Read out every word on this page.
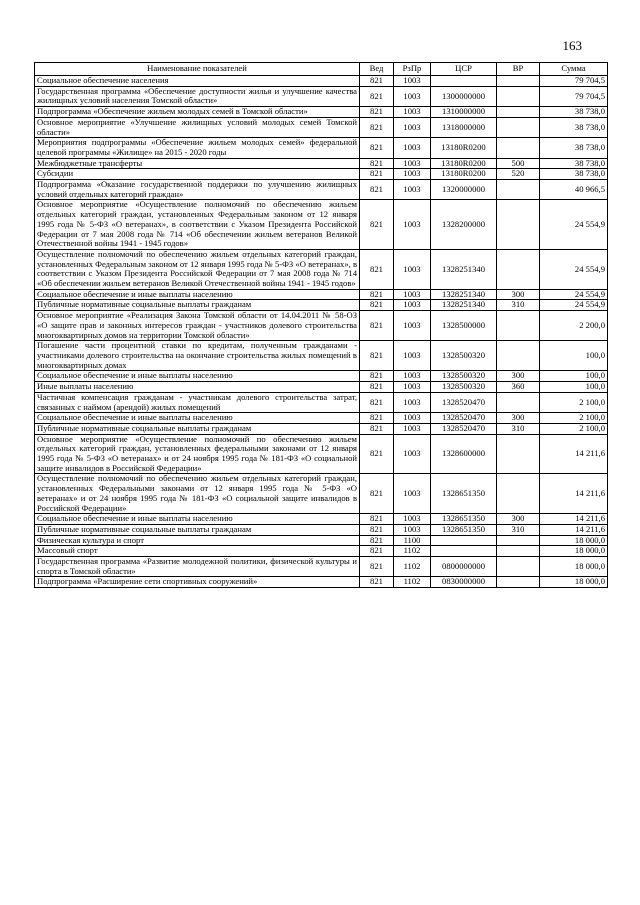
163
Наименование показателей	Вед	РзПр	ЦСР	ВР	Сумма
Социальное обеспечение населения	821	1003			79 704,5
Государственная программа «Обеспечение доступности жилья и улучшение качества жилищных условий населения Томской области»	821	1003	1300000000		79 704,5
Подпрограмма «Обеспечение жильем молодых семей в Томской области»	821	1003	1310000000		38 738,0
Основное мероприятие «Улучшение жилищных условий молодых семей Томской области»	821	1003	1318000000		38 738,0
Мероприятия подпрограммы «Обеспечение жильем молодых семей» федеральной целевой программы «Жилище» на 2015 - 2020 годы	821	1003	13180R0200		38 738,0
Межбюджетные трансферты	821	1003	13180R0200	500	38 738,0
Субсидии	821	1003	13180R0200	520	38 738,0
Подпрограмма «Оказание государственной поддержки по улучшению жилищных условий отдельных категорий граждан»	821	1003	1320000000		40 966,5
Основное мероприятие «Осуществление полномочий по обеспечению жильем отдельных категорий граждан, установленных Федеральным законом от 12 января 1995 года № 5-ФЗ «О ветеранах», в соответствии с Указом Президента Российской Федерации от 7 мая 2008 года № 714 «Об обеспечении жильем ветеранов Великой Отечественной войны 1941 - 1945 годов»	821	1003	1328200000		24 554,9
Осуществление полномочий по обеспечению жильем отдельных категорий граждан, установленных Федеральным законом от 12 января 1995 года № 5-ФЗ «О ветеранах», в соответствии с Указом Президента Российской Федерации от 7 мая 2008 года № 714 «Об обеспечении жильем ветеранов Великой Отечественной войны 1941 - 1945 годов»	821	1003	1328251340		24 554,9
Социальное обеспечение и иные выплаты населению	821	1003	1328251340	300	24 554,9
Публичные нормативные социальные выплаты гражданам	821	1003	1328251340	310	24 554,9
Основное мероприятие «Реализация Закона Томской области от 14.04.2011 № 58-ОЗ «О защите прав и законных интересов граждан - участников долевого строительства многоквартирных домов на территории Томской области»	821	1003	1328500000		2 200,0
Погашение части процентной ставки по кредитам, полученным гражданами - участниками долевого строительства на окончание строительства жилых помещений в многоквартирных домах	821	1003	1328500320		100,0
Социальное обеспечение и иные выплаты населению	821	1003	1328500320	300	100,0
Иные выплаты населению	821	1003	1328500320	360	100,0
Частичная компенсация гражданам - участникам долевого строительства затрат, связанных с наймом (арендой) жилых помещений	821	1003	1328520470		2 100,0
Социальное обеспечение и иные выплаты населению	821	1003	1328520470	300	2 100,0
Публичные нормативные социальные выплаты гражданам	821	1003	1328520470	310	2 100,0
Основное мероприятие «Осуществление полномочий по обеспечению жильем отдельных категорий граждан, установленных федеральными законами от 12 января 1995 года № 5-ФЗ «О ветеранах» и от 24 ноября 1995 года № 181-ФЗ «О социальной защите инвалидов в Российской Федерации»	821	1003	1328600000		14 211,6
Осуществление полномочий по обеспечению жильем отдельных категорий граждан, установленных Федеральными законами от 12 января 1995 года № 5-ФЗ «О ветеранах» и от 24 ноября 1995 года № 181-ФЗ «О социальной защите инвалидов в Российской Федерации»	821	1003	1328651350		14 211,6
Социальное обеспечение и иные выплаты населению	821	1003	1328651350	300	14 211,6
Публичные нормативные социальные выплаты гражданам	821	1003	1328651350	310	14 211,6
Физическая культура и спорт	821	1100			18 000,0
Массовый спорт	821	1102			18 000,0
Государственная программа «Развитие молодежной политики, физической культуры и спорта в Томской области»	821	1102	0800000000		18 000,0
Подпрограмма «Расширение сети спортивных сооружений»	821	1102	0830000000		18 000,0
